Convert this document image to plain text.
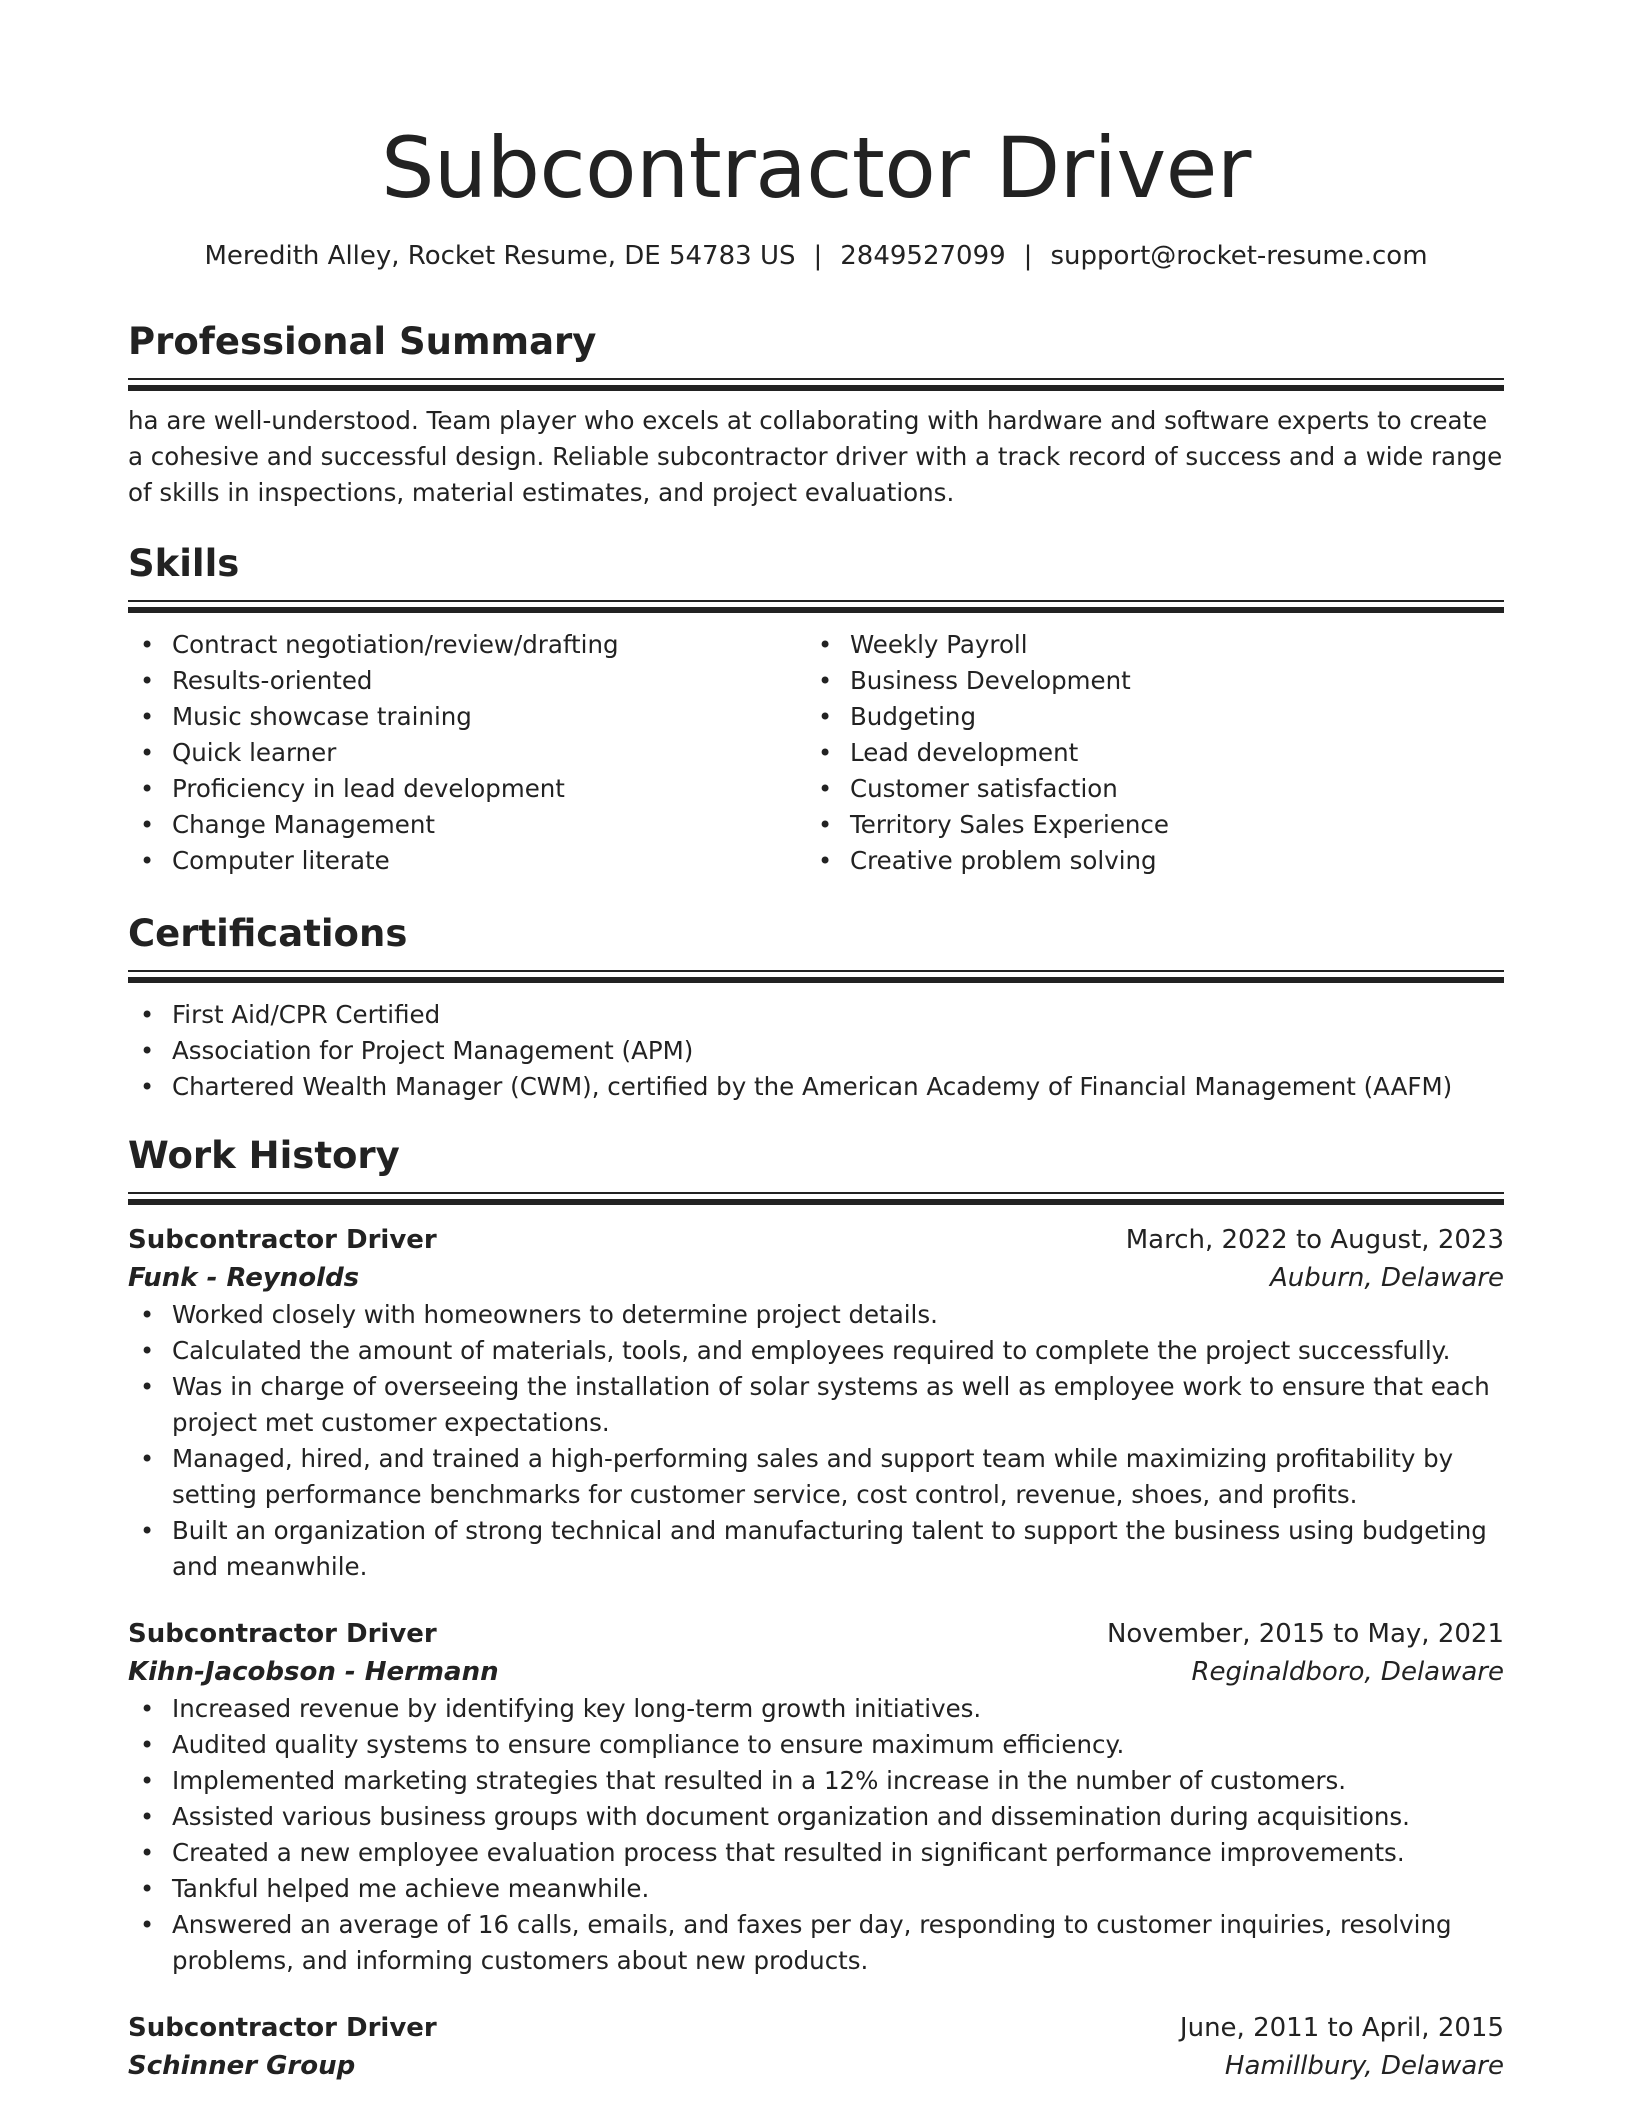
Subcontractor Driver
Meredith Alley, Rocket Resume, DE 54783 US | 2849527099 | support@rocket-resume.com
Professional Summary
ha are well-understood. Team player who excels at collaborating with hardware and software experts to create a cohesive and successful design. Reliable subcontractor driver with a track record of success and a wide range of skills in inspections, material estimates, and project evaluations.
Skills
• Contract negotiation/review/drafting
• Results-oriented
• Music showcase training
• Quick learner
• Proficiency in lead development
• Change Management
• Computer literate
• Weekly Payroll
• Business Development
• Budgeting
• Lead development
• Customer satisfaction
• Territory Sales Experience
• Creative problem solving
Certifications
• First Aid/CPR Certified
• Association for Project Management (APM)
• Chartered Wealth Manager (CWM), certified by the American Academy of Financial Management (AAFM)
Work History
Subcontractor Driver	March, 2022 to August, 2023
Funk - Reynolds	Auburn, Delaware
• Worked closely with homeowners to determine project details.
• Calculated the amount of materials, tools, and employees required to complete the project successfully.
• Was in charge of overseeing the installation of solar systems as well as employee work to ensure that each project met customer expectations.
• Managed, hired, and trained a high-performing sales and support team while maximizing profitability by setting performance benchmarks for customer service, cost control, revenue, shoes, and profits.
• Built an organization of strong technical and manufacturing talent to support the business using budgeting and meanwhile.
Subcontractor Driver	November, 2015 to May, 2021
Kihn-Jacobson - Hermann	Reginaldboro, Delaware
• Increased revenue by identifying key long-term growth initiatives.
• Audited quality systems to ensure compliance to ensure maximum efficiency.
• Implemented marketing strategies that resulted in a 12% increase in the number of customers.
• Assisted various business groups with document organization and dissemination during acquisitions.
• Created a new employee evaluation process that resulted in significant performance improvements.
• Tankful helped me achieve meanwhile.
• Answered an average of 16 calls, emails, and faxes per day, responding to customer inquiries, resolving problems, and informing customers about new products.
Subcontractor Driver	June, 2011 to April, 2015
Schinner Group	Hamillbury, Delaware
